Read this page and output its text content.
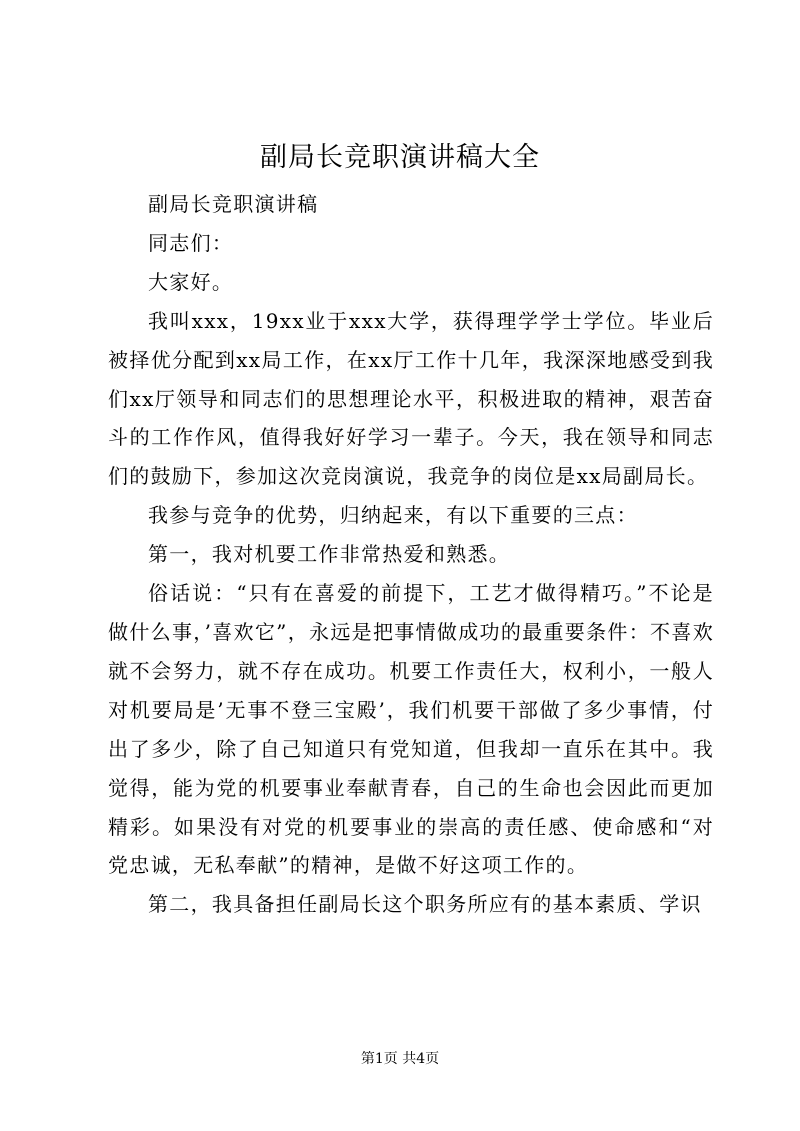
副局长竞职演讲稿大全

副局长竞职演讲稿

同志们：

大家好。

我叫xxx，19xx业于xxx大学，获得理学学士学位。毕业后被择优分配到xx局工作，在xx厅工作十几年，我深深地感受到我们xx厅领导和同志们的思想理论水平，积极进取的精神，艰苦奋斗的工作作风，值得我好好学习一辈子。今天，我在领导和同志们的鼓励下，参加这次竞岗演说，我竞争的岗位是xx局副局长。

我参与竞争的优势，归纳起来，有以下重要的三点：

第一，我对机要工作非常热爱和熟悉。

俗话说：“只有在喜爱的前提下，工艺才做得精巧。”不论是做什么事，’喜欢它”，永远是把事情做成功的最重要条件：不喜欢就不会努力，就不存在成功。机要工作责任大，权利小，一般人对机要局是’无事不登三宝殿’，我们机要干部做了多少事情，付出了多少，除了自己知道只有党知道，但我却一直乐在其中。我觉得，能为党的机要事业奉献青春，自己的生命也会因此而更加精彩。如果没有对党的机要事业的崇高的责任感、使命感和“对党忠诚，无私奉献”的精神，是做不好这项工作的。

第二，我具备担任副局长这个职务所应有的基本素质、学识

第1页 共4页
